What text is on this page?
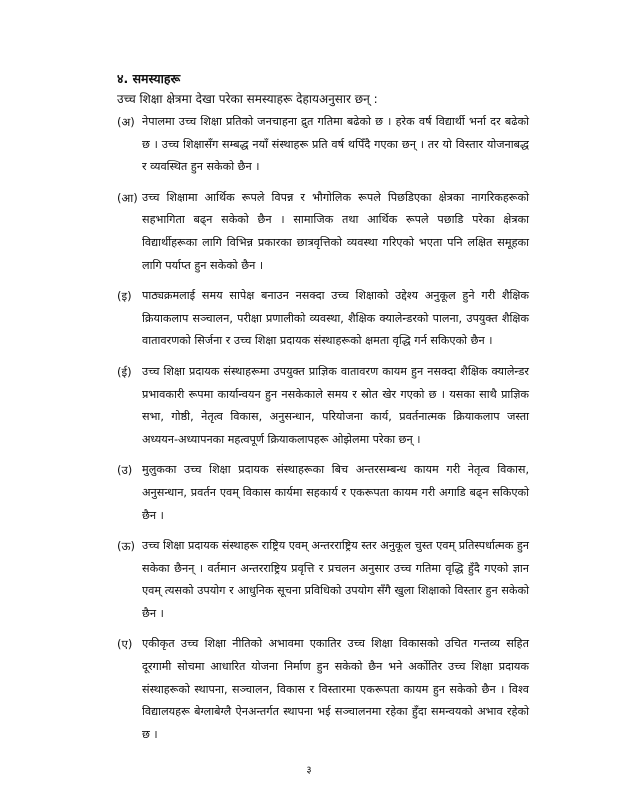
४. समस्याहरू
उच्च शिक्षा क्षेत्रमा देखा परेका समस्याहरू देहायअनुसार छन् :
(अ) नेपालमा उच्च शिक्षा प्रतिको जनचाहना द्रुत गतिमा बढेको छ । हरेक वर्ष विद्यार्थी भर्ना दर बढेको छ । उच्च शिक्षासँग सम्बद्ध नयाँ संस्थाहरू प्रति वर्ष थपिँदै गएका छन् । तर यो विस्तार योजनाबद्ध र व्यवस्थित हुन सकेको छैन ।
(आ) उच्च शिक्षामा आर्थिक रूपले विपन्न र भौगोलिक रूपले पिछडिएका क्षेत्रका नागरिकहरूको सहभागिता बढ्न सकेको छैन । सामाजिक तथा आर्थिक रूपले पछाडि परेका क्षेत्रका विद्यार्थीहरूका लागि विभिन्न प्रकारका छात्रवृत्तिको व्यवस्था गरिएको भएता पनि लक्षित समूहका लागि पर्याप्त हुन सकेको छैन ।
(इ) पाठ्यक्रमलाई समय सापेक्ष बनाउन नसक्दा उच्च शिक्षाको उद्देश्य अनुकूल हुने गरी शैक्षिक क्रियाकलाप सञ्चालन, परीक्षा प्रणालीको व्यवस्था, शैक्षिक क्यालेन्डरको पालना, उपयुक्त शैक्षिक वातावरणको सिर्जना र उच्च शिक्षा प्रदायक संस्थाहरूको क्षमता वृद्धि गर्न सकिएको छैन ।
(ई) उच्च शिक्षा प्रदायक संस्थाहरूमा उपयुक्त प्राज्ञिक वातावरण कायम हुन नसक्दा शैक्षिक क्यालेन्डर प्रभावकारी रूपमा कार्यान्वयन हुन नसकेकाले समय र स्रोत खेर गएको छ । यसका साथै प्राज्ञिक सभा, गोष्ठी, नेतृत्व विकास, अनुसन्धान, परियोजना कार्य, प्रवर्तनात्मक क्रियाकलाप जस्ता अध्ययन-अध्यापनका महत्वपूर्ण क्रियाकलापहरू ओझेलमा परेका छन् ।
(उ) मुलुकका उच्च शिक्षा प्रदायक संस्थाहरूका बिच अन्तरसम्बन्ध कायम गरी नेतृत्व विकास, अनुसन्धान, प्रवर्तन एवम् विकास कार्यमा सहकार्य र एकरूपता कायम गरी अगाडि बढ्न सकिएको छैन ।
(ऊ) उच्च शिक्षा प्रदायक संस्थाहरू राष्ट्रिय एवम् अन्तरराष्ट्रिय स्तर अनुकूल चुस्त एवम् प्रतिस्पर्धात्मक हुन सकेका छैनन् । वर्तमान अन्तरराष्ट्रिय प्रवृत्ति र प्रचलन अनुसार उच्च गतिमा वृद्धि हुँदै गएको ज्ञान एवम् त्यसको उपयोग र आधुनिक सूचना प्रविधिको उपयोग सँगै खुला शिक्षाको विस्तार हुन सकेको छैन ।
(ए) एकीकृत उच्च शिक्षा नीतिको अभावमा एकातिर उच्च शिक्षा विकासको उचित गन्तव्य सहित दूरगामी सोचमा आधारित योजना निर्माण हुन सकेको छैन भने अर्कोतिर उच्च शिक्षा प्रदायक संस्थाहरूको स्थापना, सञ्चालन, विकास र विस्तारमा एकरूपता कायम हुन सकेको छैन । विश्व विद्यालयहरू बेग्लाबेग्लै ऐनअन्तर्गत स्थापना भई सञ्चालनमा रहेका हुँदा समन्वयको अभाव रहेको छ ।
३
